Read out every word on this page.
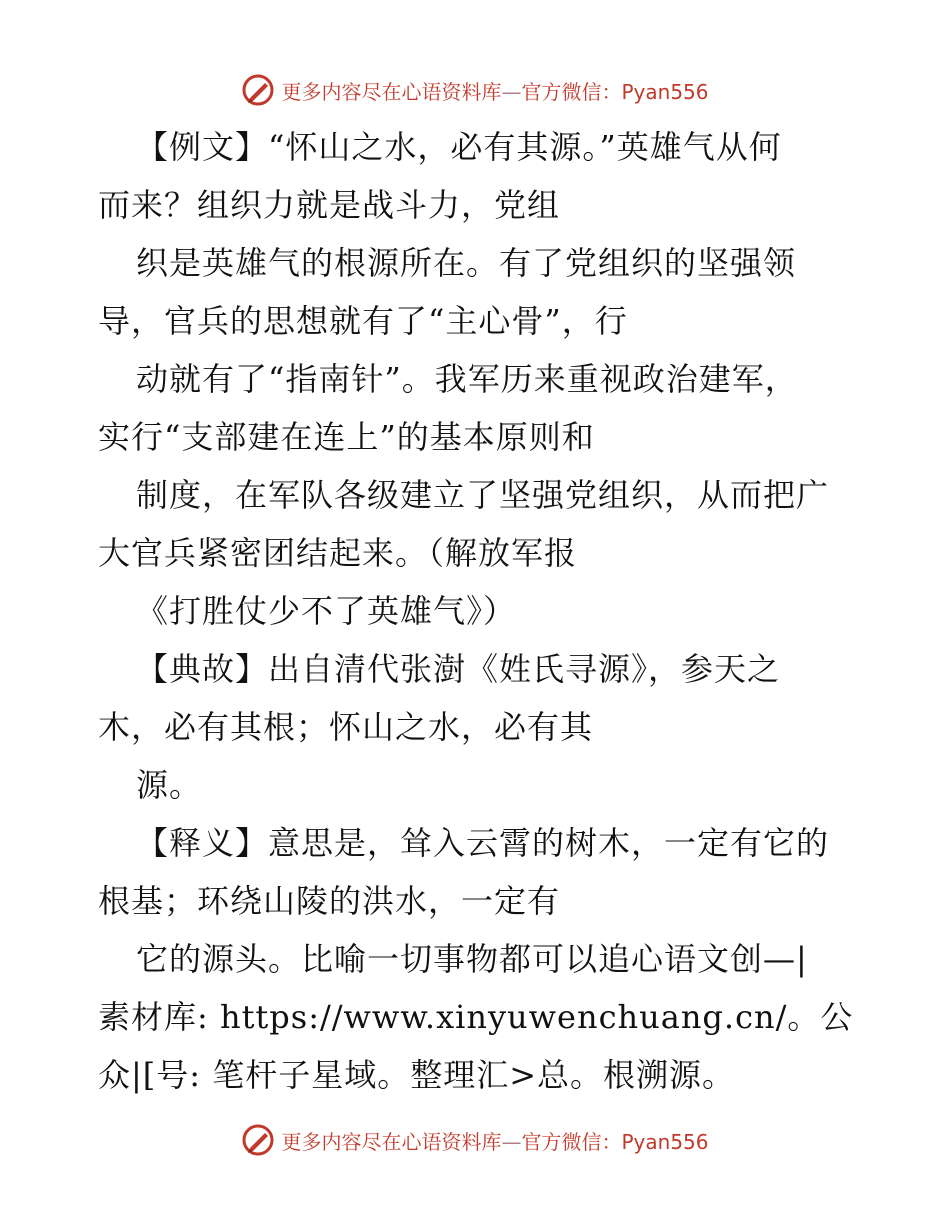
更多内容尽在心语资料库—官方微信：Pyan556
【例文】“怀山之水，必有其源。”英雄气从何
而来？组织力就是战斗力，党组
织是英雄气的根源所在。有了党组织的坚强领
导，官兵的思想就有了“主心骨”，行
动就有了“指南针”。我军历来重视政治建军，
实行“支部建在连上”的基本原则和
制度，在军队各级建立了坚强党组织，从而把广
大官兵紧密团结起来。（解放军报
《打胜仗少不了英雄气》）
【典故】出自清代张澍《姓氏寻源》，参天之
木，必有其根；怀山之水，必有其
源。
【释义】意思是，耸入云霄的树木，一定有它的
根基；环绕山陵的洪水，一定有
它的源头。比喻一切事物都可以追心语文创—|
素材库: https://www.xinyuwenchuang.cn/。公
众|[号: 笔杆子星域。整理汇>总。根溯源。
更多内容尽在心语资料库—官方微信：Pyan556
